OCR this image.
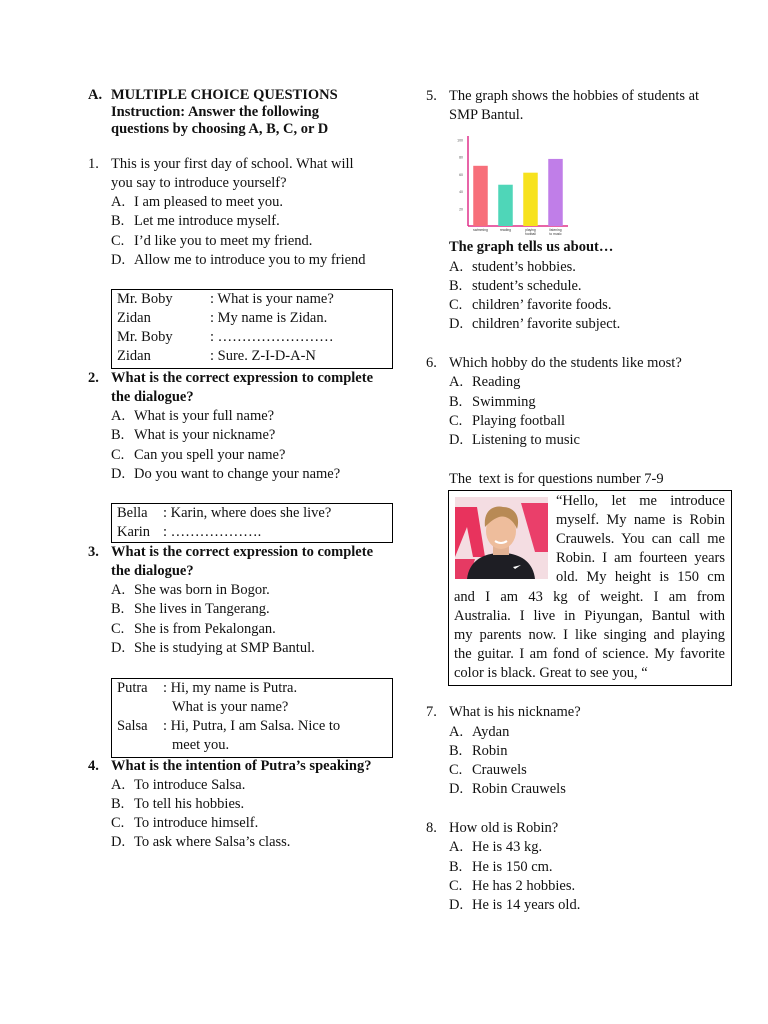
A. MULTIPLE CHOICE QUESTIONS
Instruction: Answer the following
questions by choosing A, B, C, or D
1. This is your first day of school. What will
you say to introduce yourself?
A. I am pleased to meet you.
B. Let me introduce myself.
C. I’d like you to meet my friend.
D. Allow me to introduce you to my friend
Mr. Boby	: What is your name?
Zidan	: My name is Zidan.
Mr. Boby	: ……………………
Zidan	: Sure. Z-I-D-A-N
2. What is the correct expression to complete
the dialogue?
A. What is your full name?
B. What is your nickname?
C. Can you spell your name?
D. Do you want to change your name?
Bella : Karin, where does she live?
Karin : ……………….
3. What is the correct expression to complete
the dialogue?
A. She was born in Bogor.
B. She lives in Tangerang.
C. She is from Pekalongan.
D. She is studying at SMP Bantul.
Putra : Hi, my name is Putra.
What is your name?
Salsa : Hi, Putra, I am Salsa. Nice to
meet you.
4. What is the intention of Putra’s speaking?
A. To introduce Salsa.
B. To tell his hobbies.
C. To introduce himself.
D. To ask where Salsa’s class.
5. The graph shows the hobbies of students at
SMP Bantul.
20
40
60
80
100
swimming	reading	playing
football
listening
to music
The graph tells us about…
A. student’s hobbies.
B. student’s schedule.
C. children’ favorite foods.
D. children’ favorite subject.
6. Which hobby do the students like most?
A. Reading
B. Swimming
C. Playing football
D. Listening to music
The  text is for questions number 7-9
“Hello, let me introduce
myself. My name is Robin
Crauwels. You can call me
Robin. I am fourteen years
old. My height is 150 cm
and I am 43 kg of weight. I am from
Australia. I live in Piyungan, Bantul with
my parents now. I like singing and playing
the guitar. I am fond of science. My favorite
color is black. Great to see you, “
7. What is his nickname?
A. Aydan
B. Robin
C. Crauwels
D. Robin Crauwels
8. How old is Robin?
A. He is 43 kg.
B. He is 150 cm.
C. He has 2 hobbies.
D. He is 14 years old.
